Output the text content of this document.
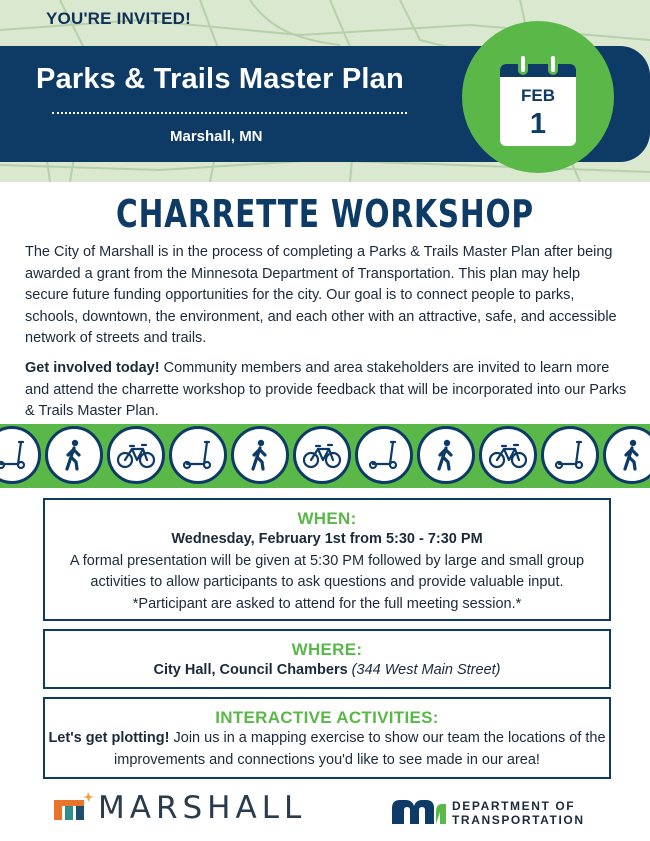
YOU'RE INVITED!
Parks & Trails Master Plan
Marshall, MN
FEB
1
CHARRETTE WORKSHOP
The City of Marshall is in the process of completing a Parks & Trails Master Plan after being awarded a grant from the Minnesota Department of Transportation. This plan may help secure future funding opportunities for the city. Our goal is to connect people to parks, schools, downtown, the environment, and each other with an attractive, safe, and accessible network of streets and trails.
Get involved today! Community members and area stakeholders are invited to learn more and attend the charrette workshop to provide feedback that will be incorporated into our Parks & Trails Master Plan.
WHEN:
Wednesday, February 1st from 5:30 - 7:30 PM
A formal presentation will be given at 5:30 PM followed by large and small group activities to allow participants to ask questions and provide valuable input.
*Participant are asked to attend for the full meeting session.*
WHERE:
City Hall, Council Chambers (344 West Main Street)
INTERACTIVE ACTIVITIES:
Let's get plotting! Join us in a mapping exercise to show our team the locations of the improvements and connections you'd like to see made in our area!
MARSHALL	DEPARTMENT OF
TRANSPORTATION
